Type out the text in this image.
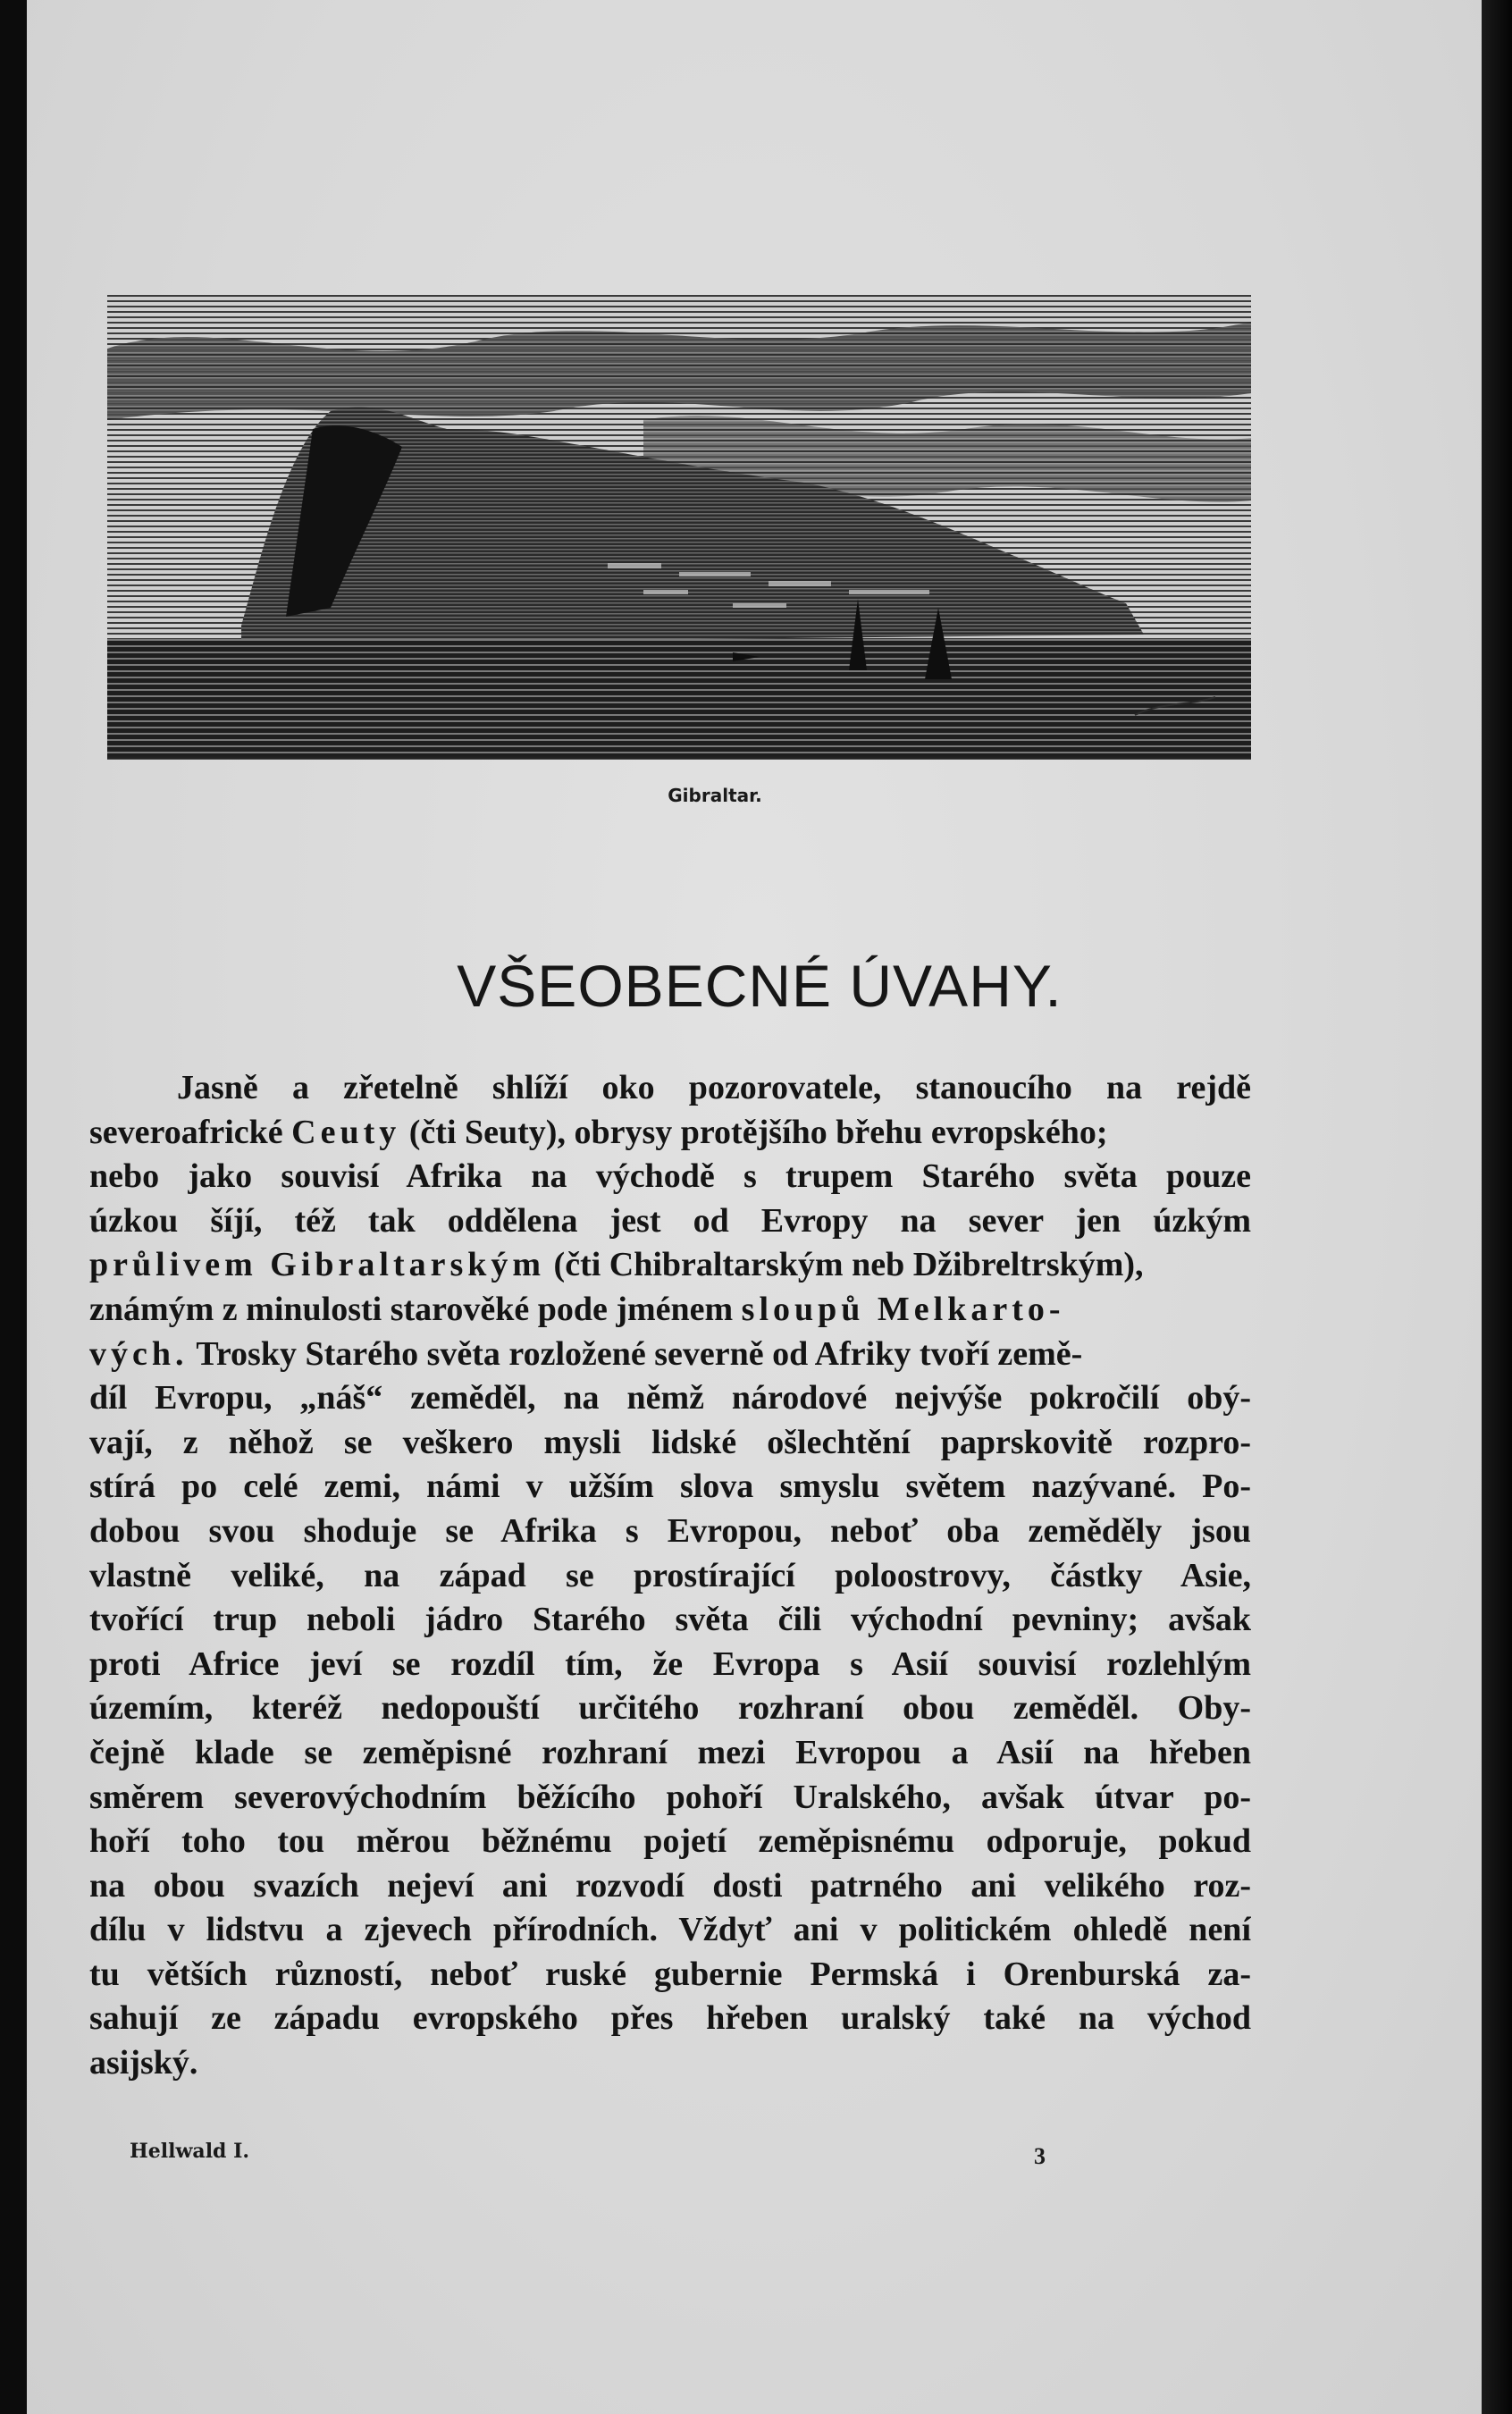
Gibraltar.
VŠEOBECNÉ ÚVAHY.
Jasně a zřetelně shlíží oko pozorovatele, stanoucího na rejdě
severoafrické Ceuty (čti Seuty), obrysy protějšího břehu evropského;
nebo jako souvisí Afrika na východě s trupem Starého světa pouze
úzkou šíjí, též tak oddělena jest od Evropy na sever jen úzkým
průlivem Gibraltarským (čti Chibraltarským neb Džibreltrským),
známým z minulosti starověké pode jménem sloupů Melkarto-
vých. Trosky Starého světa rozložené severně od Afriky tvoří země-
díl Evropu, „náš“ zeměděl, na němž národové nejvýše pokročilí obý-
vají, z něhož se veškero mysli lidské ošlechtění paprskovitě rozpro-
stírá po celé zemi, námi v užším slova smyslu světem nazývané. Po-
dobou svou shoduje se Afrika s Evropou, neboť oba zeměděly jsou
vlastně veliké, na západ se prostírající poloostrovy, částky Asie,
tvořící trup neboli jádro Starého světa čili východní pevniny; avšak
proti Africe jeví se rozdíl tím, že Evropa s Asií souvisí rozlehlým
územím, kteréž nedopouští určitého rozhraní obou zeměděl. Oby-
čejně klade se zeměpisné rozhraní mezi Evropou a Asií na hřeben
směrem severovýchodním běžícího pohoří Uralského, avšak útvar po-
hoří toho tou měrou běžnému pojetí zeměpisnému odporuje, pokud
na obou svazích nejeví ani rozvodí dosti patrného ani velikého roz-
dílu v lidstvu a zjevech přírodních. Vždyť ani v politickém ohledě není
tu větších růzností, neboť ruské gubernie Permská i Orenburská za-
sahují ze západu evropského přes hřeben uralský také na východ
asijský.
Hellwald I.	3
